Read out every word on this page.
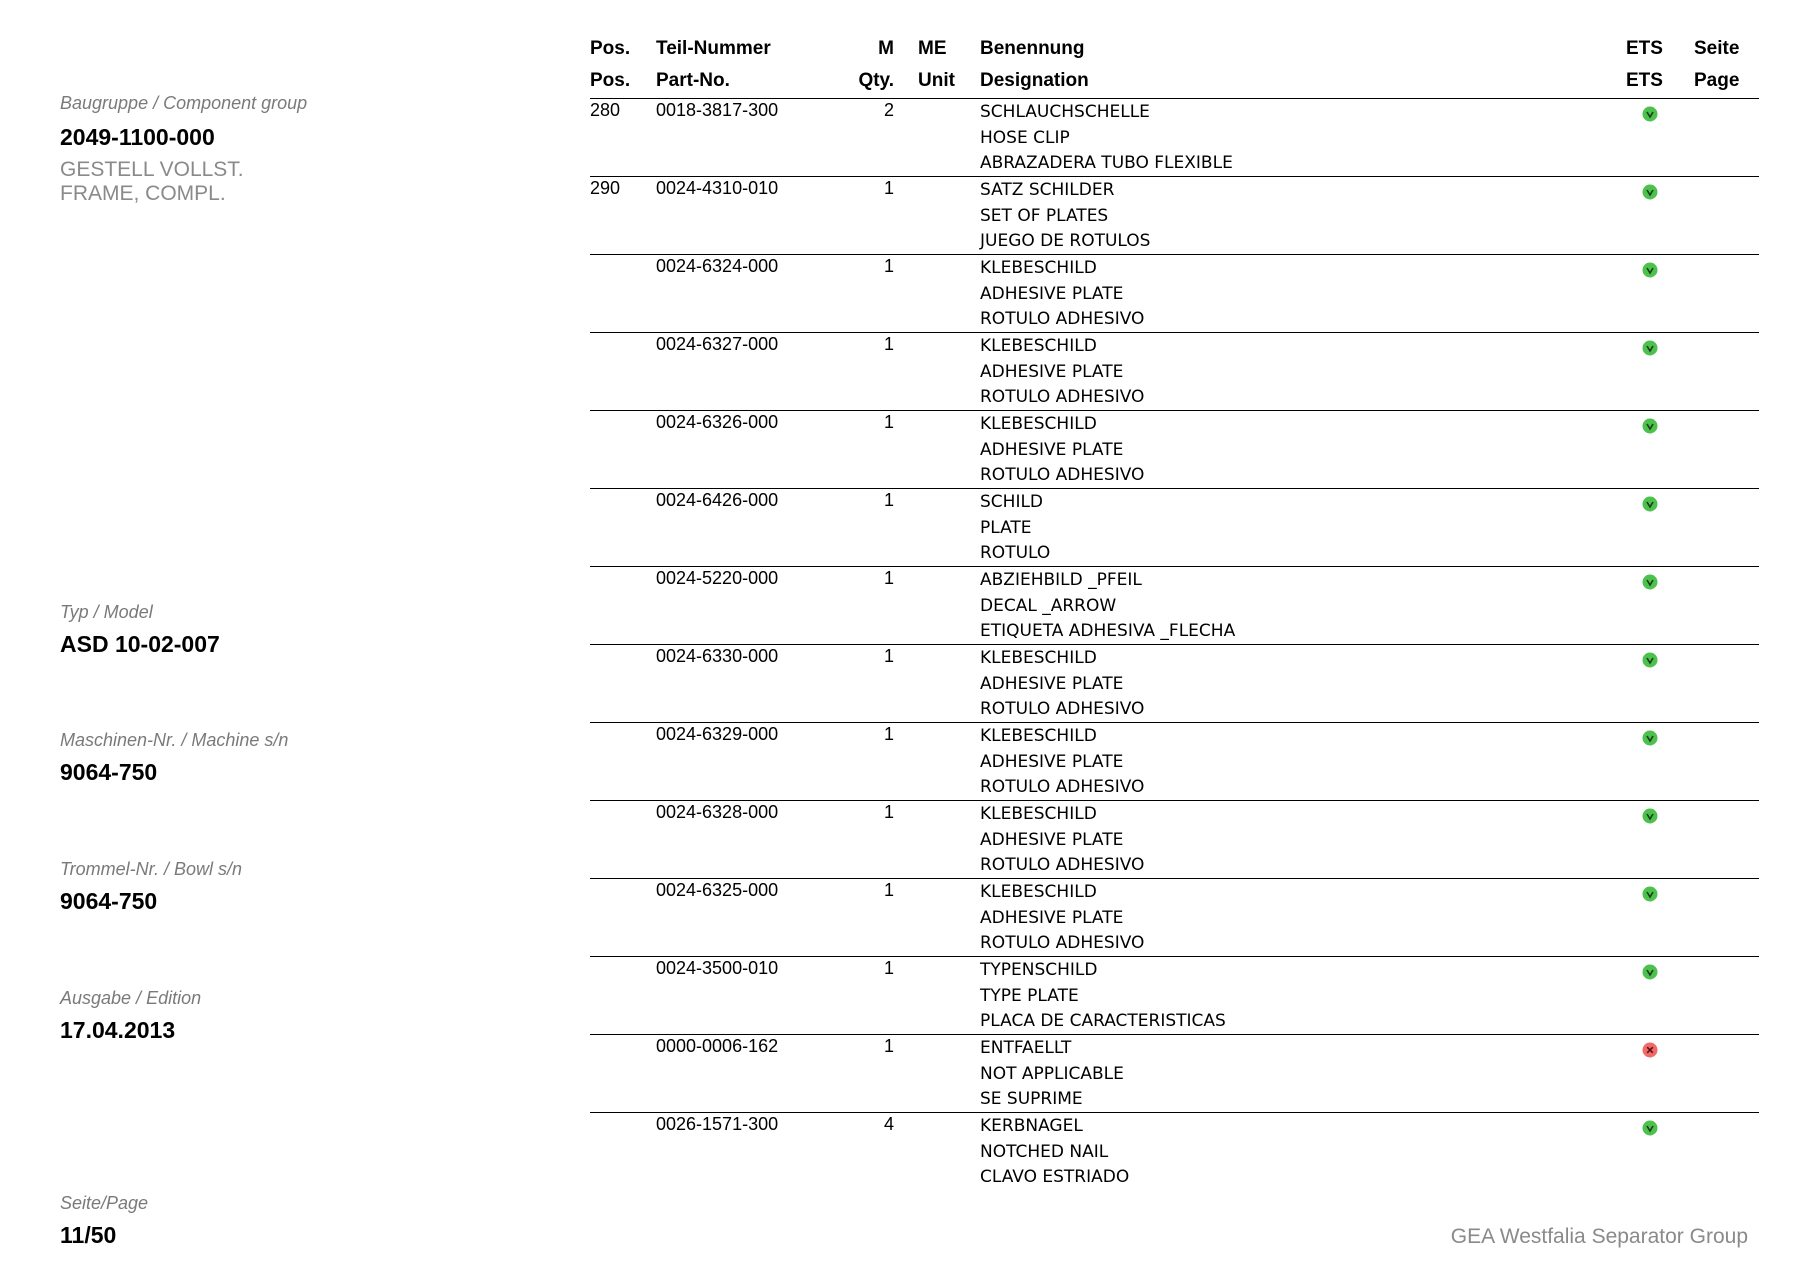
Baugruppe / Component group
2049-1100-000
GESTELL VOLLST.
FRAME, COMPL.
Typ / Model
ASD 10-02-007
Maschinen-Nr. / Machine s/n
9064-750
Trommel-Nr. / Bowl s/n
9064-750
Ausgabe / Edition
17.04.2013
Seite/Page
11/50
Pos. Teil-Nummer	M ME Benennung	ETS Seite
Pos. Part-No.	Qty. Unit Designation	ETS Page
280 0018-3817-300	2	SCHLAUCHSCHELLE
HOSE CLIP
ABRAZADERA TUBO FLEXIBLE
290 0024-4310-010	1	SATZ SCHILDER
SET OF PLATES
JUEGO DE ROTULOS
0024-6324-000	1	KLEBESCHILD
ADHESIVE PLATE
ROTULO ADHESIVO
0024-6327-000	1	KLEBESCHILD
ADHESIVE PLATE
ROTULO ADHESIVO
0024-6326-000	1	KLEBESCHILD
ADHESIVE PLATE
ROTULO ADHESIVO
0024-6426-000	1	SCHILD
PLATE
ROTULO
0024-5220-000	1	ABZIEHBILD _PFEIL
DECAL _ARROW
ETIQUETA ADHESIVA _FLECHA
0024-6330-000	1	KLEBESCHILD
ADHESIVE PLATE
ROTULO ADHESIVO
0024-6329-000	1	KLEBESCHILD
ADHESIVE PLATE
ROTULO ADHESIVO
0024-6328-000	1	KLEBESCHILD
ADHESIVE PLATE
ROTULO ADHESIVO
0024-6325-000	1	KLEBESCHILD
ADHESIVE PLATE
ROTULO ADHESIVO
0024-3500-010	1	TYPENSCHILD
TYPE PLATE
PLACA DE CARACTERISTICAS
0000-0006-162	1	ENTFAELLT
NOT APPLICABLE
SE SUPRIME
0026-1571-300	4	KERBNAGEL
NOTCHED NAIL
CLAVO ESTRIADO
GEA Westfalia Separator Group
